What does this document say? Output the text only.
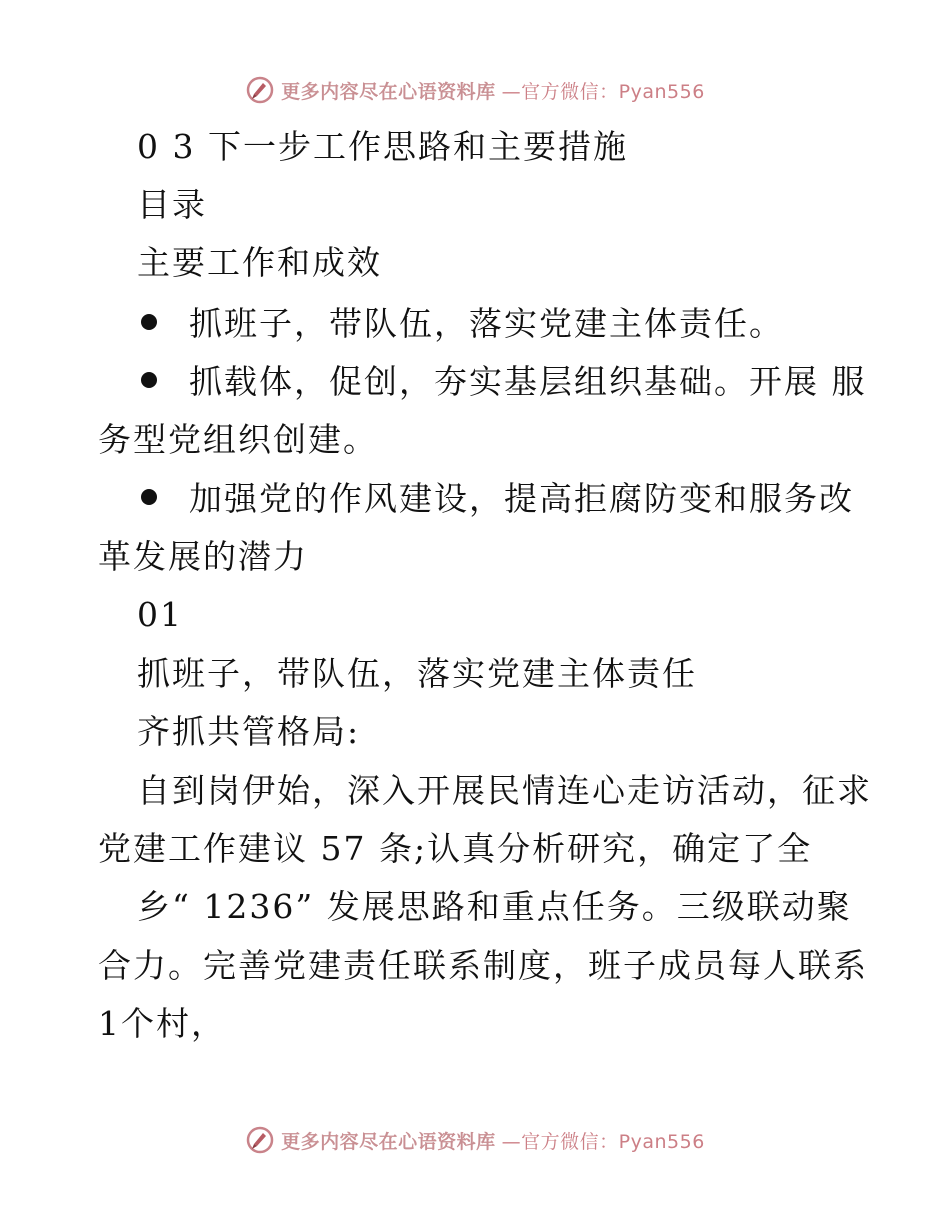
更多内容尽在心语资料库 —官方微信：Pyan556
0 3 下一步工作思路和主要措施
目录
主要工作和成效
抓班子，带队伍，落实党建主体责任。
抓载体，促创，夯实基层组织基础。开展 服
务型党组织创建。
加强党的作风建设，提高拒腐防变和服务改
革发展的潜力
01
抓班子，带队伍，落实党建主体责任
齐抓共管格局:
自到岗伊始，深入开展民情连心走访活动，征求
党建工作建议 57 条;认真分析研究，确定了全
乡“ 1236” 发展思路和重点任务。三级联动聚
合力。完善党建责任联系制度，班子成员每人联系
1个村，
更多内容尽在心语资料库 —官方微信：Pyan556
